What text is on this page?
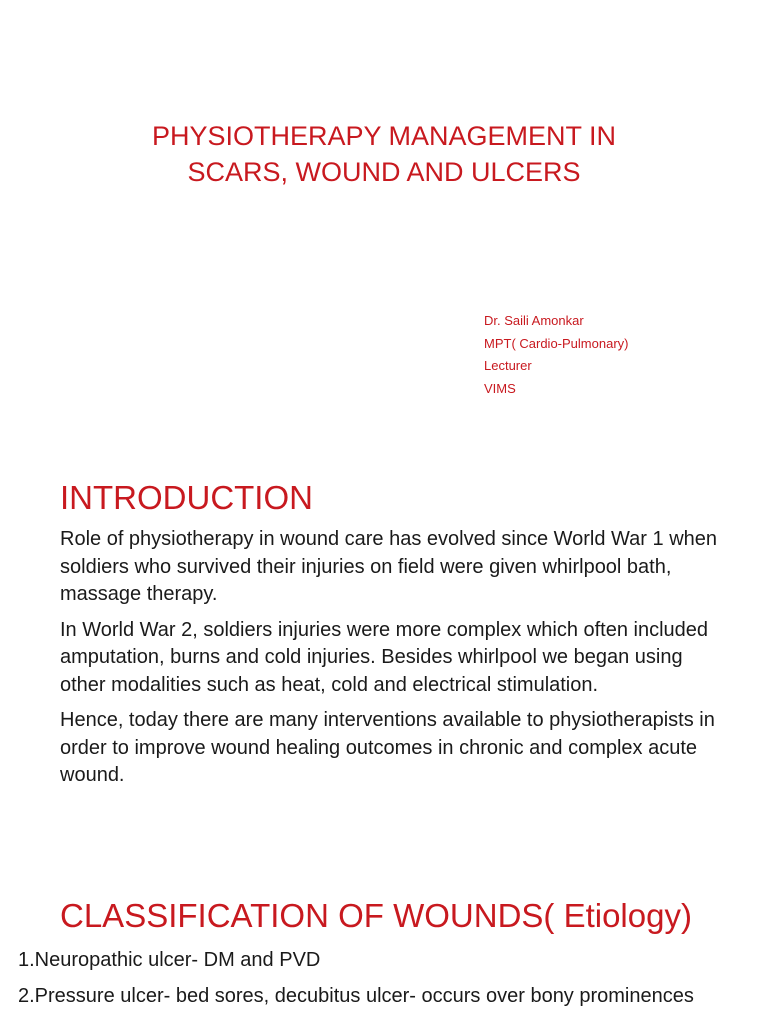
PHYSIOTHERAPY MANAGEMENT IN
SCARS, WOUND AND ULCERS
Dr. Saili Amonkar
MPT( Cardio-Pulmonary)
Lecturer
VIMS
INTRODUCTION

Role of physiotherapy in wound care has evolved since World War 1 when soldiers who survived their injuries on field were given whirlpool bath, massage therapy.

In World War 2, soldiers injuries were more complex which often included amputation, burns and cold injuries. Besides whirlpool we began using other modalities such as heat, cold and electrical stimulation.

Hence, today there are many interventions available to physiotherapists in order to improve wound healing outcomes in chronic and complex acute wound.

CLASSIFICATION OF WOUNDS( Etiology)
1.Neuropathic ulcer- DM and PVD
2.Pressure ulcer- bed sores, decubitus ulcer- occurs over bony prominences
